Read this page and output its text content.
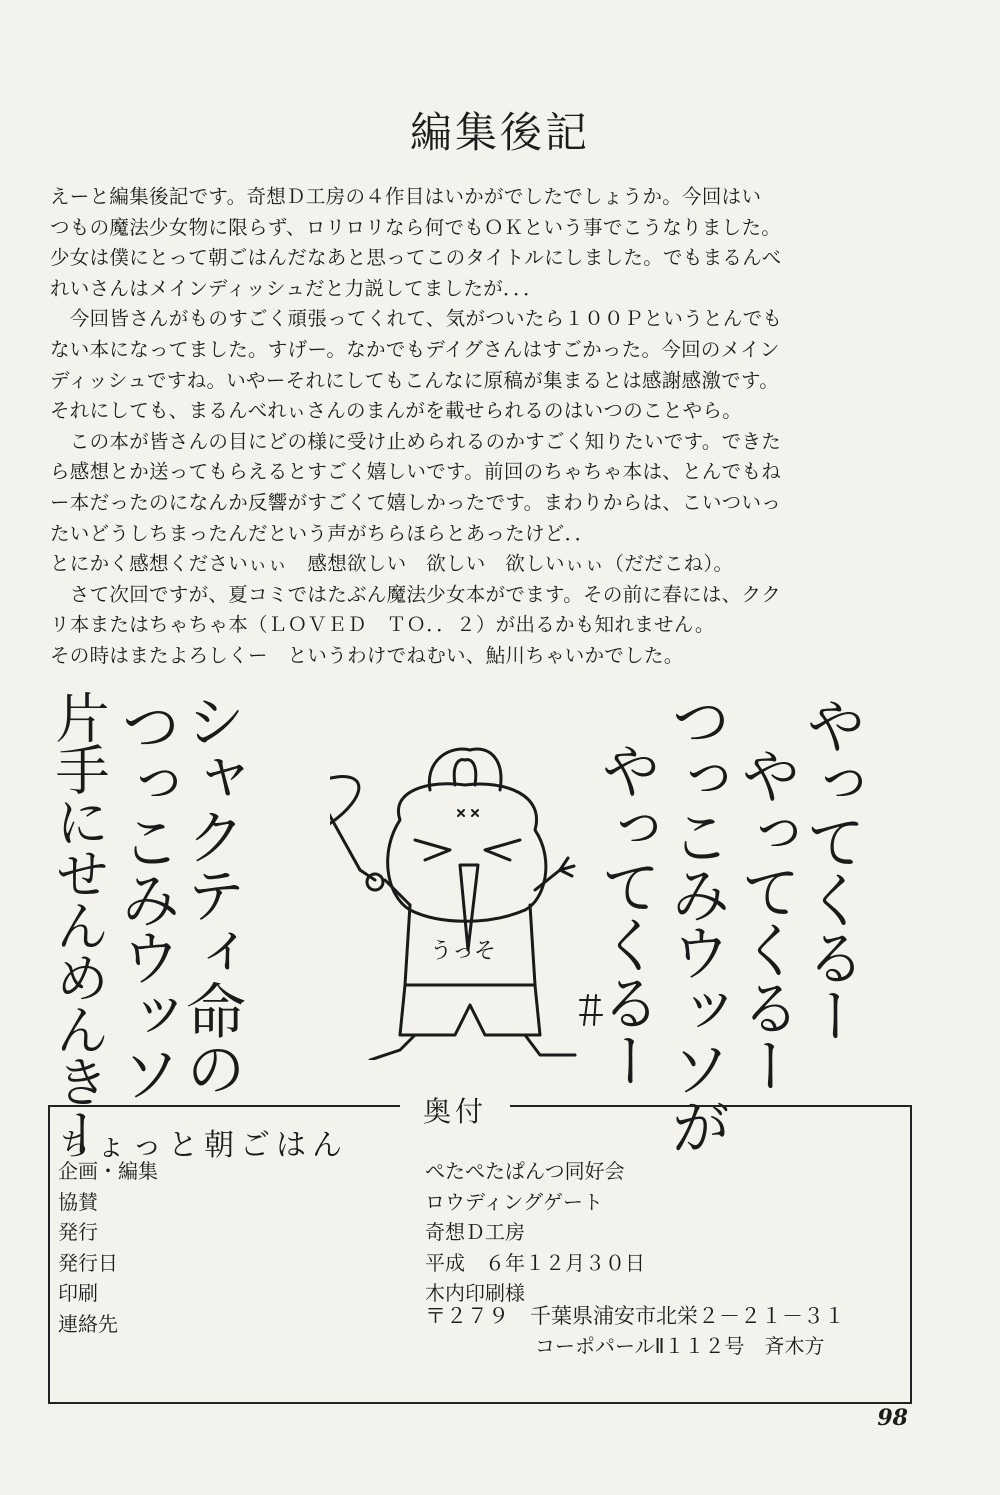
編集後記

えーと編集後記です。奇想Ｄ工房の４作目はいかがでしたでしょうか。今回はい

つもの魔法少女物に限らず、ロリロリなら何でもＯＫという事でこうなりました。

少女は僕にとって朝ごはんだなあと思ってこのタイトルにしました。でもまるんべ

れいさんはメインディッシュだと力説してましたが．．．

　今回皆さんがものすごく頑張ってくれて、気がついたら１００Ｐというとんでも

ない本になってました。すげー。なかでもデイグさんはすごかった。今回のメイン

ディッシュですね。いやーそれにしてもこんなに原稿が集まるとは感謝感激です。

それにしても、まるんべれぃさんのまんがを載せられるのはいつのことやら。

　この本が皆さんの目にどの様に受け止められるのかすごく知りたいです。できた

ら感想とか送ってもらえるとすごく嬉しいです。前回のちゃちゃ本は、とんでもね

ー本だったのになんか反響がすごくて嬉しかったです。まわりからは、こいついっ

たいどうしちまったんだという声がちらほらとあったけど．．

とにかく感想くださいぃぃ　感想欲しい　欲しい　欲しいぃぃ（だだこね）。

　さて次回ですが、夏コミではたぶん魔法少女本がでます。その前に春には、クク

リ本またはちゃちゃ本（ＬＯＶＥＤ　ＴＯ．．２）が出るかも知れません。

その時はまたよろしくー　というわけでねむい、鮎川ちゃいかでした。

やってくるー
やってくるー
つっこみウッソが
やってくるー
シャクティ命の
つっこみウッソ
片手にせんめんきー	うっそ
奥付
ちょっと朝ごはん
企画・編集	ぺたぺたぱんつ同好会
協賛	ロウディングゲート
発行	奇想Ｄ工房
発行日	平成　６年１２月３０日
印刷	木内印刷様
連絡先	〒２７９　千葉県浦安市北栄２－２１－３１
コーポパールⅡ１１２号　斉木方
98
